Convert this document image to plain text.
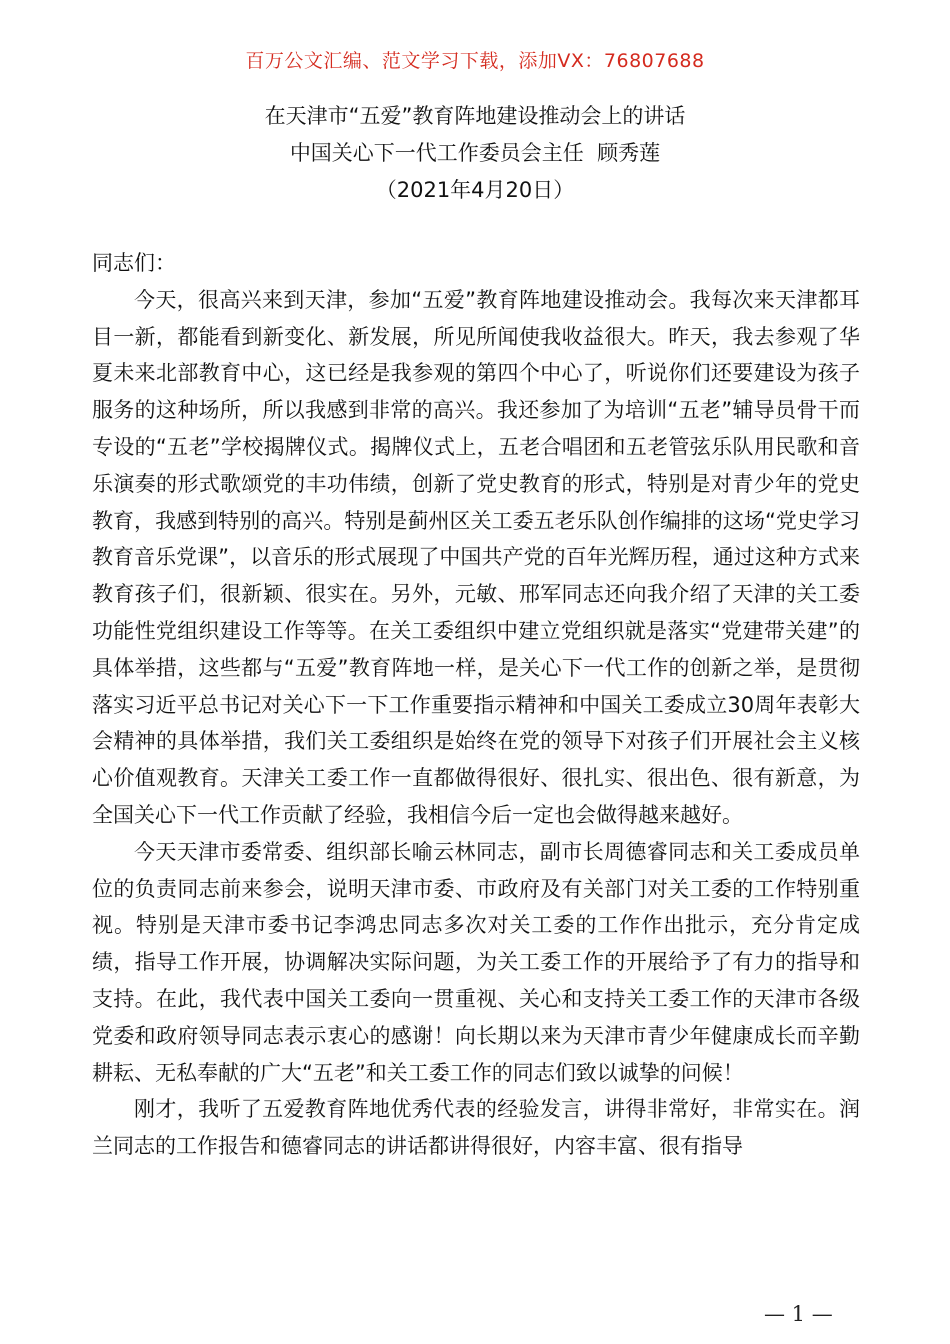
百万公文汇编、范文学习下载，添加VX：76807688
在天津市“五爱”教育阵地建设推动会上的讲话
中国关心下一代工作委员会主任  顾秀莲
（2021年4月20日）

同志们：

今天，很高兴来到天津，参加“五爱”教育阵地建设推动会。我每次来天津都耳目一新，都能看到新变化、新发展，所见所闻使我收益很大。昨天，我去参观了华夏未来北部教育中心，这已经是我参观的第四个中心了，听说你们还要建设为孩子服务的这种场所，所以我感到非常的高兴。我还参加了为培训“五老”辅导员骨干而专设的“五老”学校揭牌仪式。揭牌仪式上，五老合唱团和五老管弦乐队用民歌和音乐演奏的形式歌颂党的丰功伟绩，创新了党史教育的形式，特别是对青少年的党史教育，我感到特别的高兴。特别是蓟州区关工委五老乐队创作编排的这场“党史学习教育音乐党课”，以音乐的形式展现了中国共产党的百年光辉历程，通过这种方式来教育孩子们，很新颖、很实在。另外，元敏、邢军同志还向我介绍了天津的关工委功能性党组织建设工作等等。在关工委组织中建立党组织就是落实“党建带关建”的具体举措，这些都与“五爱”教育阵地一样，是关心下一代工作的创新之举，是贯彻落实习近平总书记对关心下一下工作重要指示精神和中国关工委成立30周年表彰大会精神的具体举措，我们关工委组织是始终在党的领导下对孩子们开展社会主义核心价值观教育。天津关工委工作一直都做得很好、很扎实、很出色、很有新意，为全国关心下一代工作贡献了经验，我相信今后一定也会做得越来越好。

今天天津市委常委、组织部长喻云林同志，副市长周德睿同志和关工委成员单位的负责同志前来参会，说明天津市委、市政府及有关部门对关工委的工作特别重视。特别是天津市委书记李鸿忠同志多次对关工委的工作作出批示，充分肯定成绩，指导工作开展，协调解决实际问题，为关工委工作的开展给予了有力的指导和支持。在此，我代表中国关工委向一贯重视、关心和支持关工委工作的天津市各级党委和政府领导同志表示衷心的感谢！向长期以来为天津市青少年健康成长而辛勤耕耘、无私奉献的广大“五老”和关工委工作的同志们致以诚挚的问候！

刚才，我听了五爱教育阵地优秀代表的经验发言，讲得非常好，非常实在。润兰同志的工作报告和德睿同志的讲话都讲得很好，内容丰富、很有指导

— 1 —
